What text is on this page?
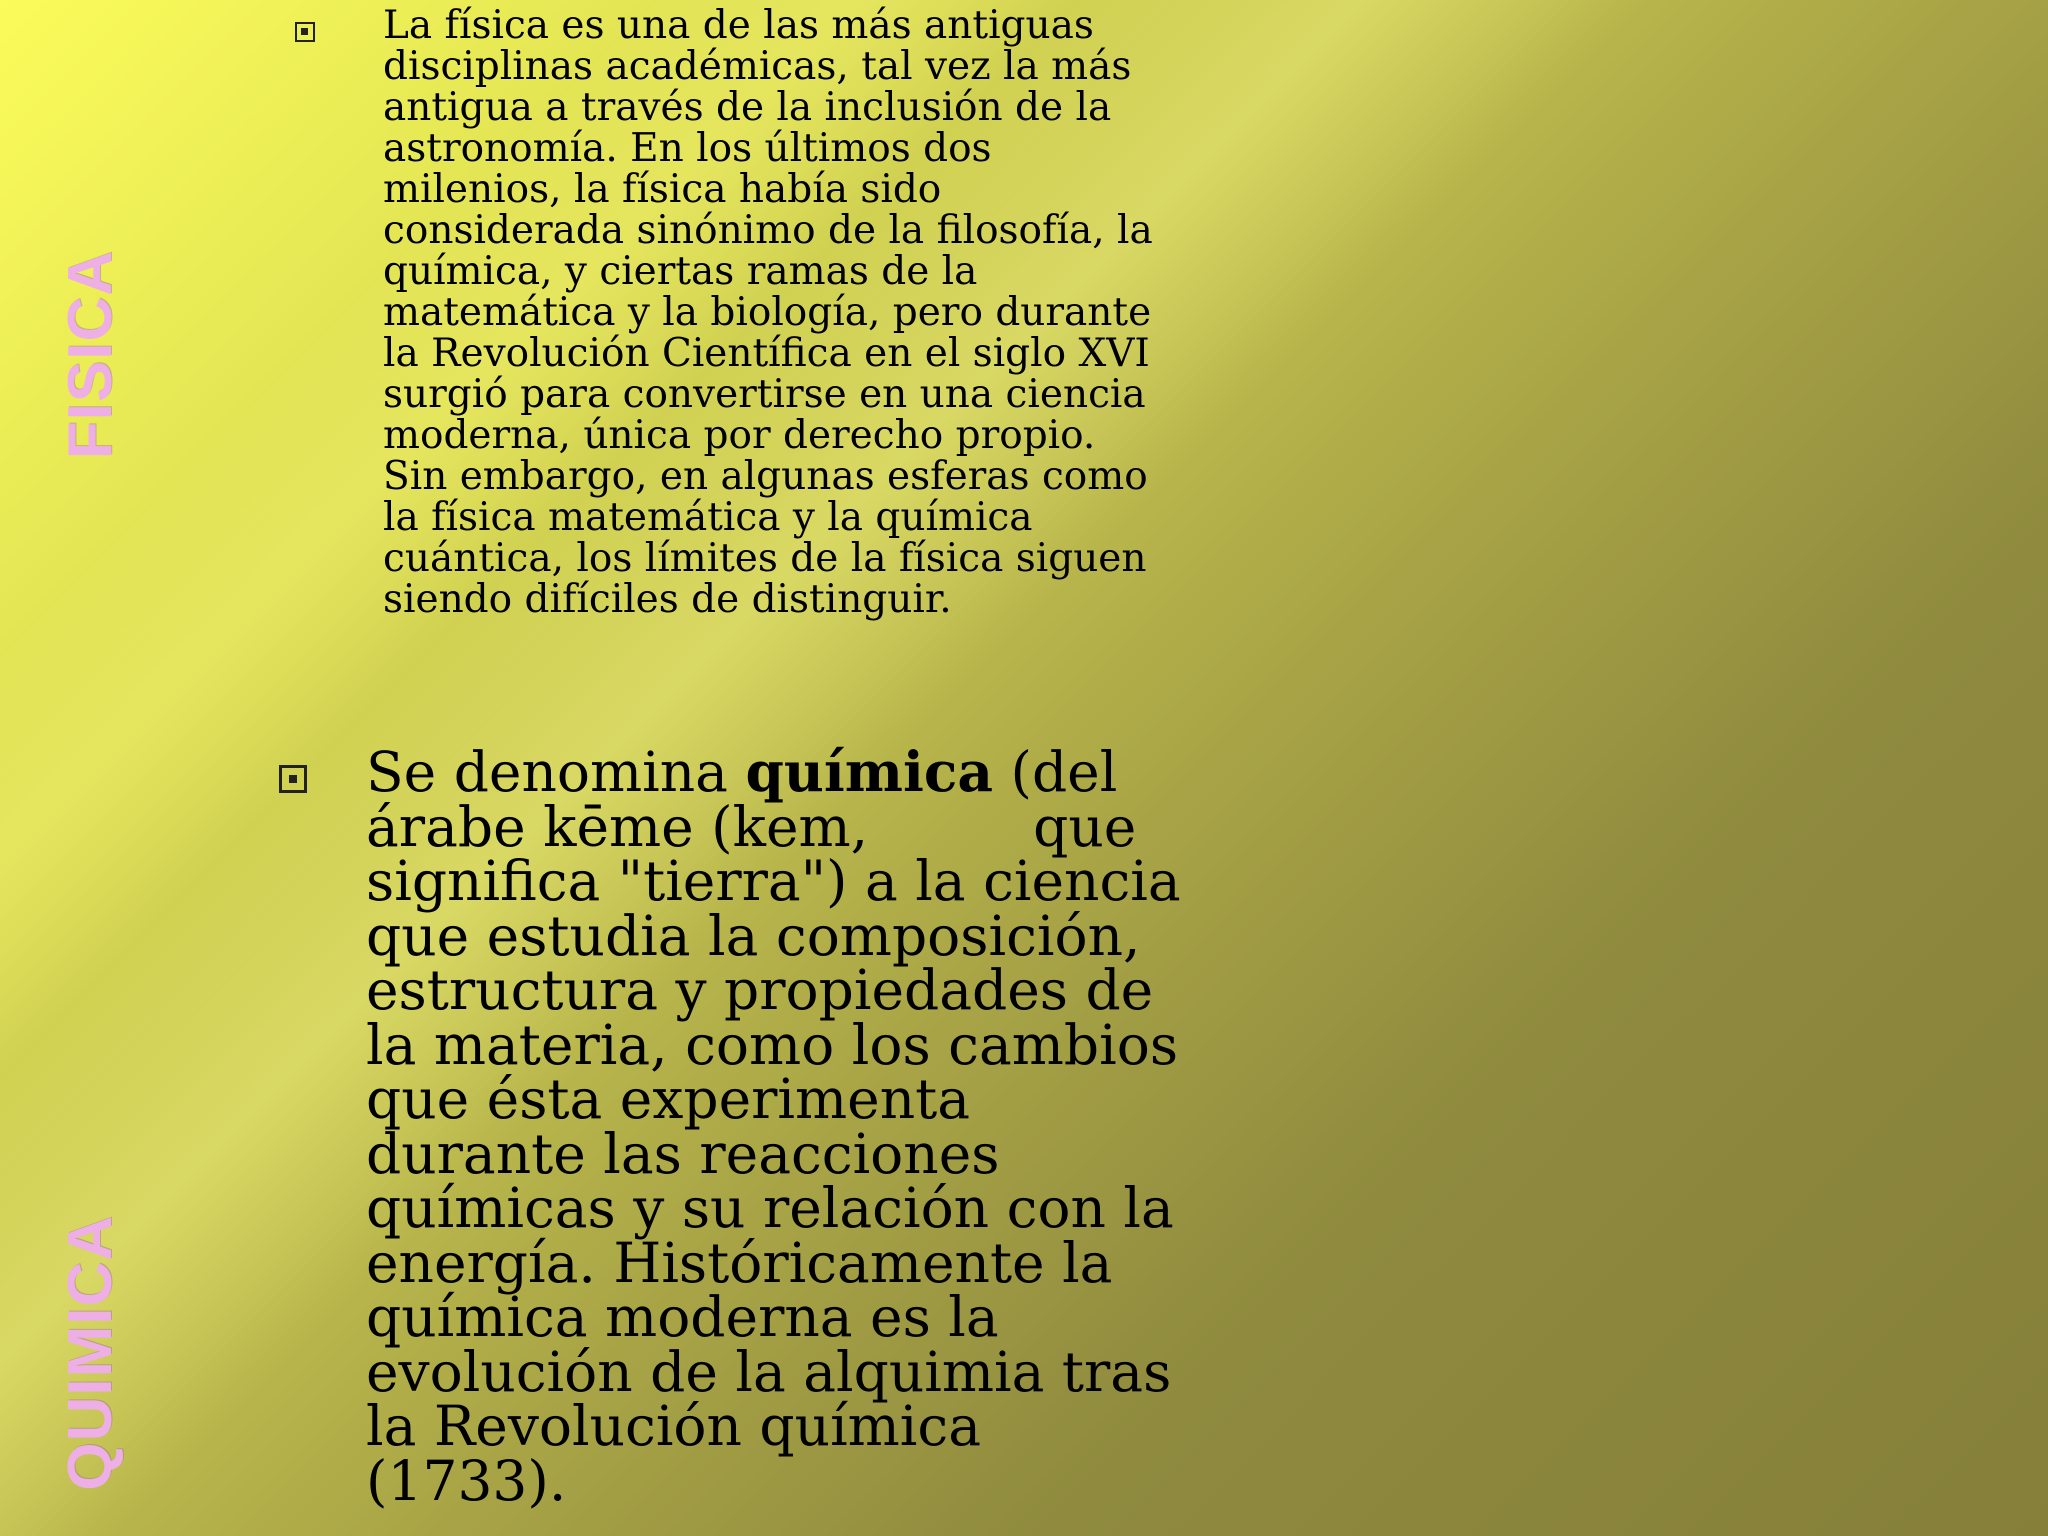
FISICA
QUIMICA
La física es una de las más antiguas
disciplinas académicas, tal vez la más
antigua a través de la inclusión de la
astronomía. En los últimos dos
milenios, la física había sido
considerada sinónimo de la filosofía, la
química, y ciertas ramas de la
matemática y la biología, pero durante
la Revolución Científica en el siglo XVI
surgió para convertirse en una ciencia
moderna, única por derecho propio.
Sin embargo, en algunas esferas como
la física matemática y la química
cuántica, los límites de la física siguen
siendo difíciles de distinguir.
Se denomina química (del
árabe kēme (kem,	que
significa "tierra") a la ciencia
que estudia la composición,
estructura y propiedades de
la materia, como los cambios
que ésta experimenta
durante las reacciones
químicas y su relación con la
energía. Históricamente la
química moderna es la
evolución de la alquimia tras
la Revolución química
(1733).
